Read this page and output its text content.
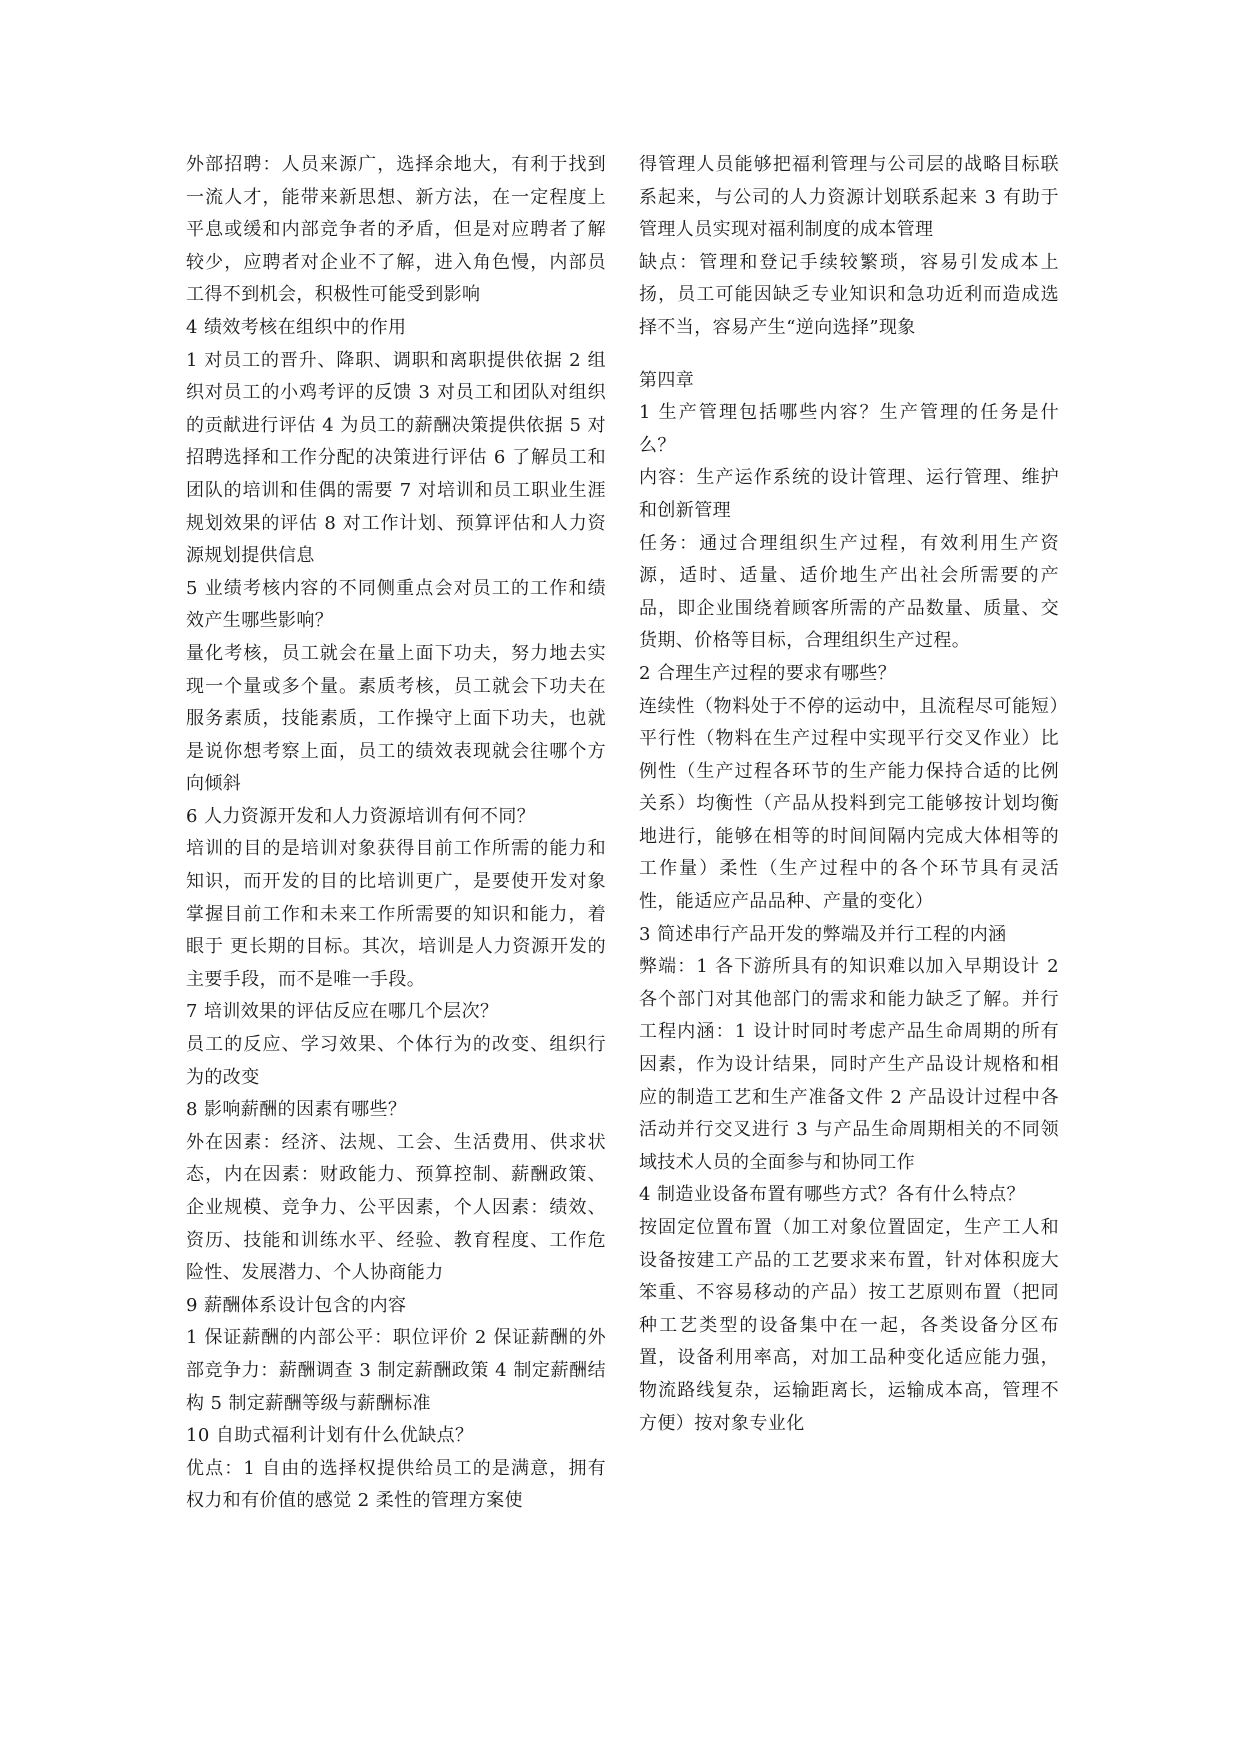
外部招聘：人员来源广，选择余地大，有利于找到一流人才，能带来新思想、新方法，在一定程度上平息或缓和内部竞争者的矛盾，但是对应聘者了解较少，应聘者对企业不了解，进入角色慢，内部员工得不到机会，积极性可能受到影响

4 绩效考核在组织中的作用

1 对员工的晋升、降职、调职和离职提供依据 2 组织对员工的小鸡考评的反馈 3 对员工和团队对组织的贡献进行评估 4 为员工的薪酬决策提供依据 5 对招聘选择和工作分配的决策进行评估 6 了解员工和团队的培训和佳偶的需要 7 对培训和员工职业生涯规划效果的评估 8 对工作计划、预算评估和人力资源规划提供信息

5 业绩考核内容的不同侧重点会对员工的工作和绩效产生哪些影响？

量化考核，员工就会在量上面下功夫，努力地去实现一个量或多个量。素质考核，员工就会下功夫在服务素质，技能素质，工作操守上面下功夫，也就是说你想考察上面，员工的绩效表现就会往哪个方向倾斜

6 人力资源开发和人力资源培训有何不同？

培训的目的是培训对象获得目前工作所需的能力和知识，而开发的目的比培训更广，是要使开发对象掌握目前工作和未来工作所需要的知识和能力，着眼于 更长期的目标。其次，培训是人力资源开发的主要手段，而不是唯一手段。

7 培训效果的评估反应在哪几个层次？

员工的反应、学习效果、个体行为的改变、组织行为的改变

8 影响薪酬的因素有哪些？

外在因素：经济、法规、工会、生活费用、供求状态，内在因素：财政能力、预算控制、薪酬政策、企业规模、竞争力、公平因素，个人因素：绩效、资历、技能和训练水平、经验、教育程度、工作危险性、发展潜力、个人协商能力

9 薪酬体系设计包含的内容

1 保证薪酬的内部公平：职位评价 2 保证薪酬的外部竞争力：薪酬调查 3 制定薪酬政策 4 制定薪酬结构 5 制定薪酬等级与薪酬标准

10 自助式福利计划有什么优缺点？

优点：1 自由的选择权提供给员工的是满意，拥有权力和有价值的感觉 2 柔性的管理方案使

得管理人员能够把福利管理与公司层的战略目标联系起来，与公司的人力资源计划联系起来 3 有助于管理人员实现对福利制度的成本管理

缺点：管理和登记手续较繁琐，容易引发成本上扬，员工可能因缺乏专业知识和急功近利而造成选择不当，容易产生“逆向选择”现象

第四章

1 生产管理包括哪些内容？生产管理的任务是什么？

内容：生产运作系统的设计管理、运行管理、维护和创新管理

任务：通过合理组织生产过程，有效利用生产资源，适时、适量、适价地生产出社会所需要的产品，即企业围绕着顾客所需的产品数量、质量、交货期、价格等目标，合理组织生产过程。

2 合理生产过程的要求有哪些？

连续性（物料处于不停的运动中，且流程尽可能短）平行性（物料在生产过程中实现平行交叉作业）比例性（生产过程各环节的生产能力保持合适的比例关系）均衡性（产品从投料到完工能够按计划均衡地进行，能够在相等的时间间隔内完成大体相等的工作量）柔性（生产过程中的各个环节具有灵活性，能适应产品品种、产量的变化）

3 简述串行产品开发的弊端及并行工程的内涵

弊端：1 各下游所具有的知识难以加入早期设计 2 各个部门对其他部门的需求和能力缺乏了解。并行工程内涵：1 设计时同时考虑产品生命周期的所有因素，作为设计结果，同时产生产品设计规格和相应的制造工艺和生产准备文件 2 产品设计过程中各活动并行交叉进行 3 与产品生命周期相关的不同领域技术人员的全面参与和协同工作

4 制造业设备布置有哪些方式？各有什么特点？

按固定位置布置（加工对象位置固定，生产工人和设备按建工产品的工艺要求来布置，针对体积庞大笨重、不容易移动的产品）按工艺原则布置（把同种工艺类型的设备集中在一起，各类设备分区布置，设备利用率高，对加工品种变化适应能力强，物流路线复杂，运输距离长，运输成本高，管理不方便）按对象专业化
